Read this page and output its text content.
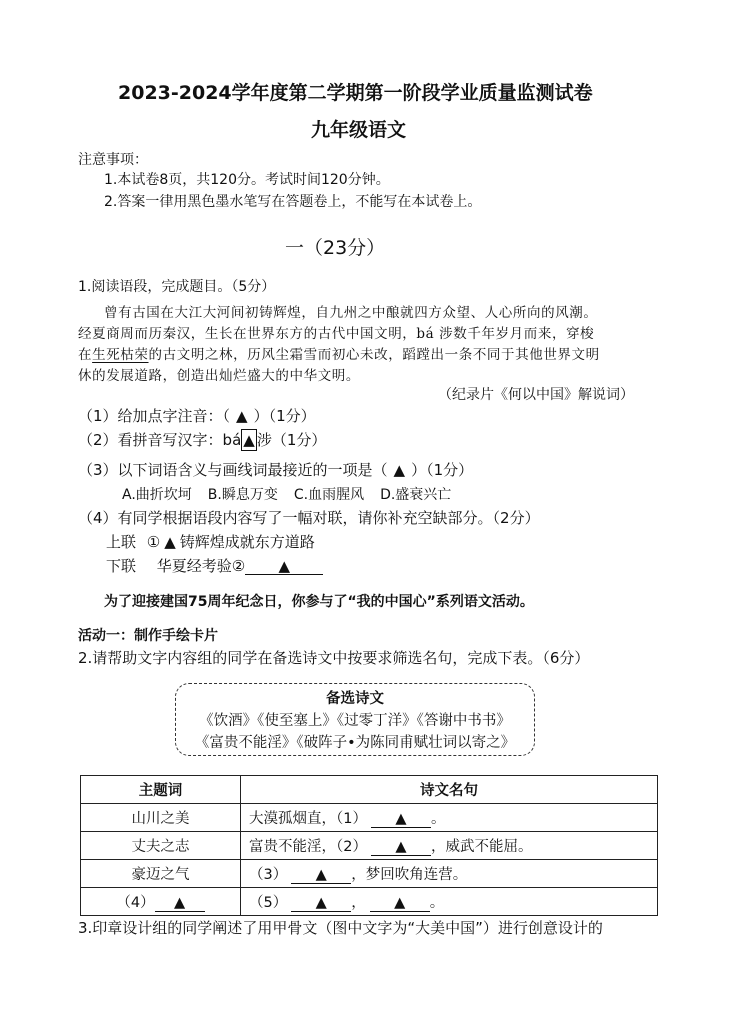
2023-2024学年度第二学期第一阶段学业质量监测试卷
九年级语文
注意事项：
1.本试卷8页，共120分。考试时间120分钟。
2.答案一律用黑色墨水笔写在答题卷上，不能写在本试卷上。
一（23分）
1.阅读语段，完成题目。（5分）
曾有古国在大江大河间初铸辉煌，自九州之中酿就四方众望、人心所向的风潮。
经夏商周而历秦汉，生长在世界东方的古代中国文明，bá 涉数千年岁月而来，穿梭
在生死枯荣的古文明之林，历风尘霜雪而初心未改，蹈蹚出一条不同于其他世界文明
休的发展道路，创造出灿烂盛大的中华文明。
（纪录片《何以中国》解说词）
（1）给加点字注音：（ ▲ ）（1分）
（2）看拼音写汉字：bá ▲ 涉（1分）
（3）以下词语含义与画线词最接近的一项是（ ▲ ）（1分）
A.曲折坎坷 B.瞬息万变 C.血雨腥风 D.盛衰兴亡
（4）有同学根据语段内容写了一幅对联，请你补充空缺部分。（2分）
上联 ① ▲ 铸辉煌成就东方道路
下联 华夏经考验② ▲
为了迎接建国75周年纪念日，你参与了“我的中国心”系列语文活动。
活动一：制作手绘卡片
2.请帮助文字内容组的同学在备选诗文中按要求筛选名句，完成下表。（6分）
备选诗文
《饮酒》《使至塞上》《过零丁洋》《答谢中书书》
《富贵不能淫》《破阵子•为陈同甫赋壮词以寄之》
主题词	诗文名句
山川之美	大漠孤烟直，（1） ▲ 。
丈夫之志	富贵不能淫，（2） ▲ ，威武不能屈。
豪迈之气	（3） ▲ ，梦回吹角连营。
（4） ▲	（5） ▲ ， ▲ 。
3.印章设计组的同学阐述了用甲骨文（图中文字为“大美中国”）进行创意设计的
